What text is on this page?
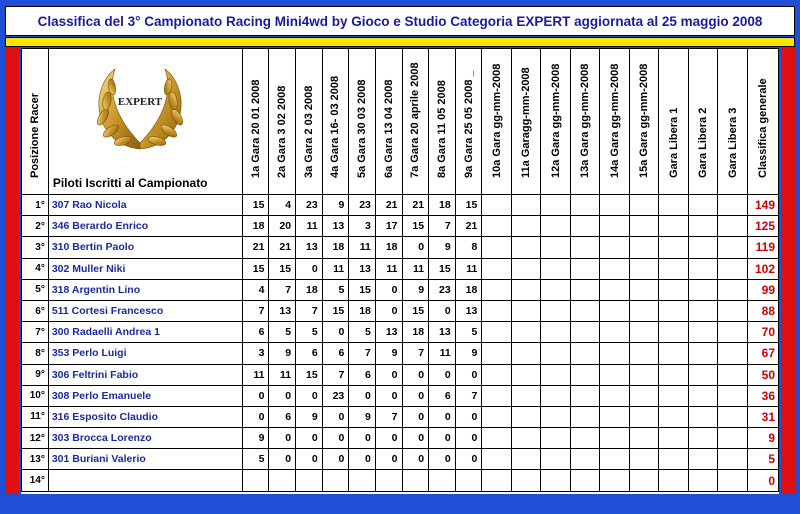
Classifica del 3° Campionato Racing Mini4wd by Gioco e Studio Categoria EXPERT aggiornata al 25 maggio 2008
Posizione Racer	EXPERT
Piloti Iscritti al Campionato	1a Gara 20 01 2008	2a Gara 3 02 2008	3a Gara 2 03 2008	4a Gara 16- 03 2008	5a Gara 30 03 2008	6a Gara 13 04 2008	7a Gara 20 aprile 2008	8a Gara 11 05 2008	9a Gara 25 05 2008 _	10a Gara gg-mm-2008	11a Garagg-mm-2008	12a Gara gg-mm-2008	13a Gara gg-mm-2008	14a Gara gg-mm-2008	15a Gara gg-mm-2008	Gara Libera 1	Gara Libera 2	Gara Libera 3	Classifica generale

1°	307 Rao Nicola	15	4	23	9	23	21	21	18	15										149
2°	346 Berardo Enrico	18	20	11	13	3	17	15	7	21										125
3°	310 Bertin Paolo	21	21	13	18	11	18	0	9	8										119
4°	302 Muller Niki	15	15	0	11	13	11	11	15	11										102
5°	318 Argentin Lino	4	7	18	5	15	0	9	23	18										99
6°	511 Cortesi Francesco	7	13	7	15	18	0	15	0	13										88
7°	300 Radaelli Andrea 1	6	5	5	0	5	13	18	13	5										70
8°	353 Perlo Luigi	3	9	6	6	7	9	7	11	9										67
9°	306 Feltrini Fabio	11	11	15	7	6	0	0	0	0										50
10°	308 Perlo Emanuele	0	0	0	23	0	0	0	6	7										36
11°	316 Esposito Claudio	0	6	9	0	9	7	0	0	0										31
12°	303 Brocca Lorenzo	9	0	0	0	0	0	0	0	0										9
13°	301 Buriani Valerio	5	0	0	0	0	0	0	0	0										5
14°																				0
